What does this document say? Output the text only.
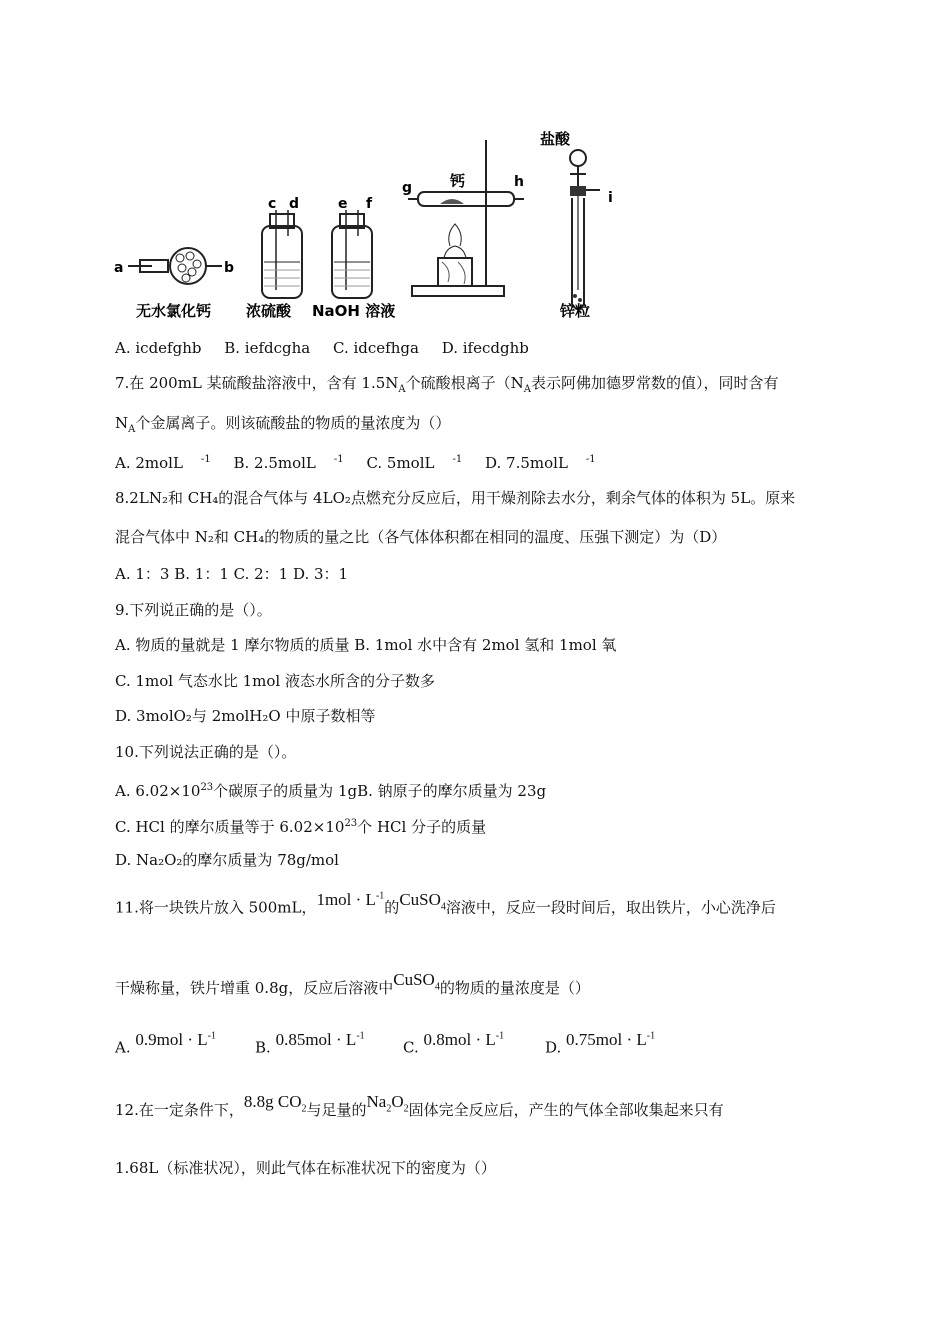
a	b
无水氯化钙
c d
浓硫酸
e f
NaOH 溶液
g	h
钙
盐酸
i
锌粒
A. icdefghb B. iefdcgha C. idcefhga D. ifecdghb
7.在 200mL 某硫酸盐溶液中，含有 $1.5N_A$个硫酸根离子（$N_A$表示阿佛加德罗常数的值），同时含有
$N_A$个金属离子。则该硫酸盐的物质的量浓度为（）
A. 2molL $^{-1}$ B. 2.5molL $^{-1}$ C. 5molL $^{-1}$ D. 7.5molL $^{-1}$
8.2LN₂和 CH₄的混合气体与 4LO₂点燃充分反应后，用干燥剂除去水分，剩余气体的体积为 5L。原来
混合气体中 N₂和 CH₄的物质的量之比（各气体体积都在相同的温度、压强下测定）为（D）
A. 1：3 B. 1：1 C. 2：1 D. 3：1
9.下列说正确的是（）。
A. 物质的量就是 1 摩尔物质的质量 B. 1mol 水中含有 2mol 氢和 1mol 氧
C. 1mol 气态水比 1mol 液态水所含的分子数多
D. 3molO₂与 2molH₂O 中原子数相等
10.下列说法正确的是（）。
A. $6.02\times 10^{23}$个碳原子的质量为 1gB. 钠原子的摩尔质量为 23g
C. HCl 的摩尔质量等于 $6.02\times 10^{23}$个 HCl 分子的质量
D. Na₂O₂的摩尔质量为 78g/mol
11.将一块铁片放入 500mL，$1mol \cdot L^{-1}$的CuSO$_4$溶液中，反应一段时间后，取出铁片，小心洗净后
干燥称量，铁片增重 0.8g，反应后溶液中CuSO$_4$的物质的量浓度是（）
A. $0.9mol \cdot L^{-1}B$. $0.85mol \cdot L^{-1}C$. $0.8mol \cdot L^{-1}D$. $0.75mol \cdot L^{-1}$
12.在一定条件下，8.8g $CO_2$与足量的$Na_2O_2$固体完全反应后，产生的气体全部收集起来只有
1.68L（标准状况），则此气体在标准状况下的密度为（）
